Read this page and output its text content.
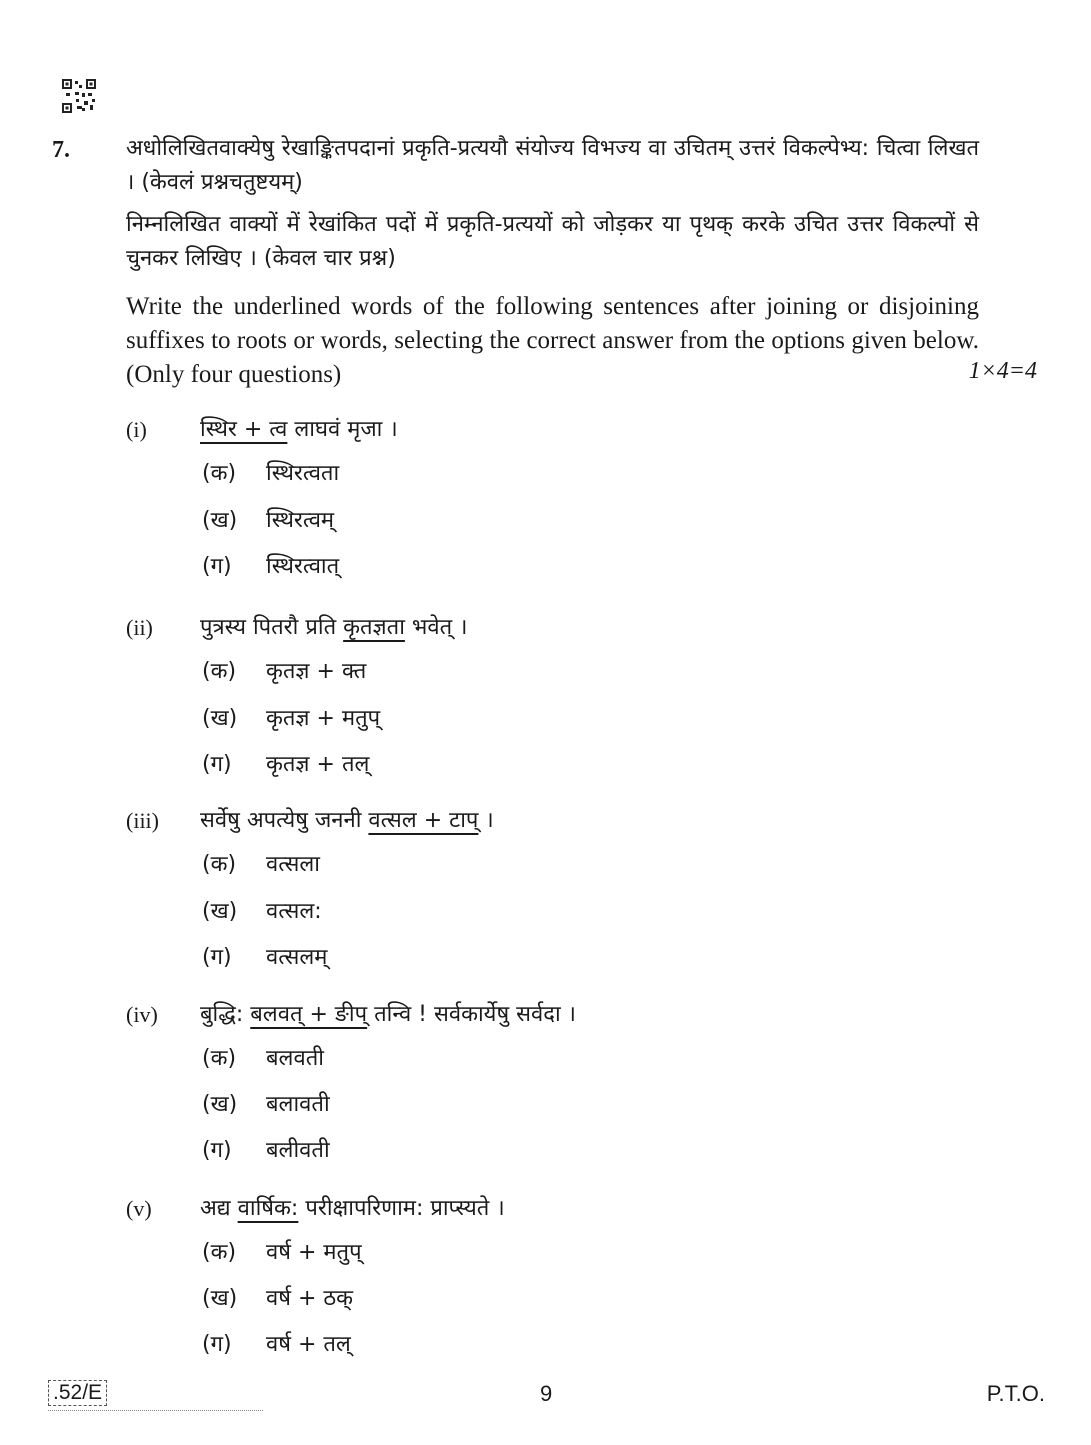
7.	अधोलिखितवाक्येषु रेखाङ्कितपदानां प्रकृति-प्रत्ययौ संयोज्य विभज्य वा उचितम् उत्तरं विकल्पेभ्य: चित्वा लिखत । (केवलं प्रश्नचतुष्टयम्)
निम्नलिखित वाक्यों में रेखांकित पदों में प्रकृति-प्रत्ययों को जोड़कर या पृथक् करके उचित उत्तर विकल्पों से चुनकर लिखिए । (केवल चार प्रश्न)
Write the underlined words of the following sentences after joining or disjoining suffixes to roots or words, selecting the correct answer from the options given below. (Only four questions)	1×4=4
(i) स्थिर + त्व लाघवं मृजा ।
(क) स्थिरत्वता
(ख) स्थिरत्वम्
(ग) स्थिरत्वात्
(ii) पुत्रस्य पितरौ प्रति कृतज्ञता भवेत् ।
(क) कृतज्ञ + क्त
(ख) कृतज्ञ + मतुप्
(ग) कृतज्ञ + तल्
(iii) सर्वेषु अपत्येषु जननी वत्सल + टाप् ।
(क) वत्सला
(ख) वत्सल:
(ग) वत्सलम्
(iv) बुद्धि: बलवत् + ङीप् तन्वि ! सर्वकार्येषु सर्वदा ।
(क) बलवती
(ख) बलावती
(ग) बलीवती
(v) अद्य वार्षिक: परीक्षापरिणाम: प्राप्स्यते ।
(क) वर्ष + मतुप्
(ख) वर्ष + ठक्
(ग) वर्ष + तल्
.52/E	9	P.T.O.
